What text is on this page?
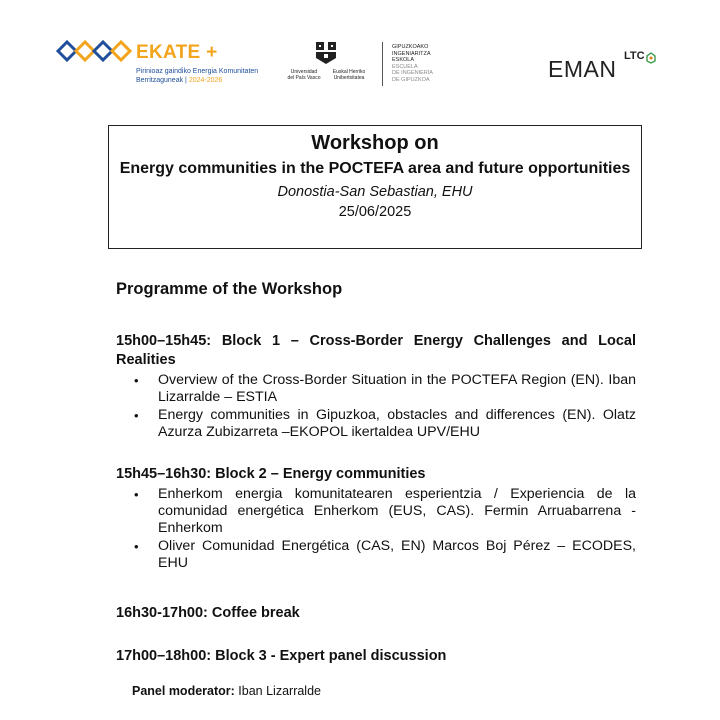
EKATE +
Pirinioaz gaindiko Energia Komunitaten
Berritzaguneak | 2024-2026
Universidad
del País Vasco
Euskal Herriko
Unibertsitatea
GIPUZKOAKO
INGENIARITZA
ESKOLA
ESCUELA
DE INGENIERÍA
DE GIPUZKOA	EMAN LTC
Workshop on
Energy communities in the POCTEFA area and future opportunities
Donostia-San Sebastian, EHU
25/06/2025
Programme of the Workshop
15h00–15h45: Block 1 – Cross-Border Energy Challenges and Local Realities
• Overview of the Cross-Border Situation in the POCTEFA Region (EN). Iban Lizarralde – ESTIA
• Energy communities in Gipuzkoa, obstacles and differences (EN). Olatz Azurza Zubizarreta –EKOPOL ikertaldea UPV/EHU
15h45–16h30: Block 2 – Energy communities
• Enherkom energia komunitatearen esperientzia / Experiencia de la comunidad energética Enherkom (EUS, CAS). Fermin Arruabarrena - Enherkom
• Oliver Comunidad Energética (CAS, EN) Marcos Boj Pérez – ECODES, EHU
16h30-17h00: Coffee break
17h00–18h00: Block 3 - Expert panel discussion
Panel moderator: Iban Lizarralde
